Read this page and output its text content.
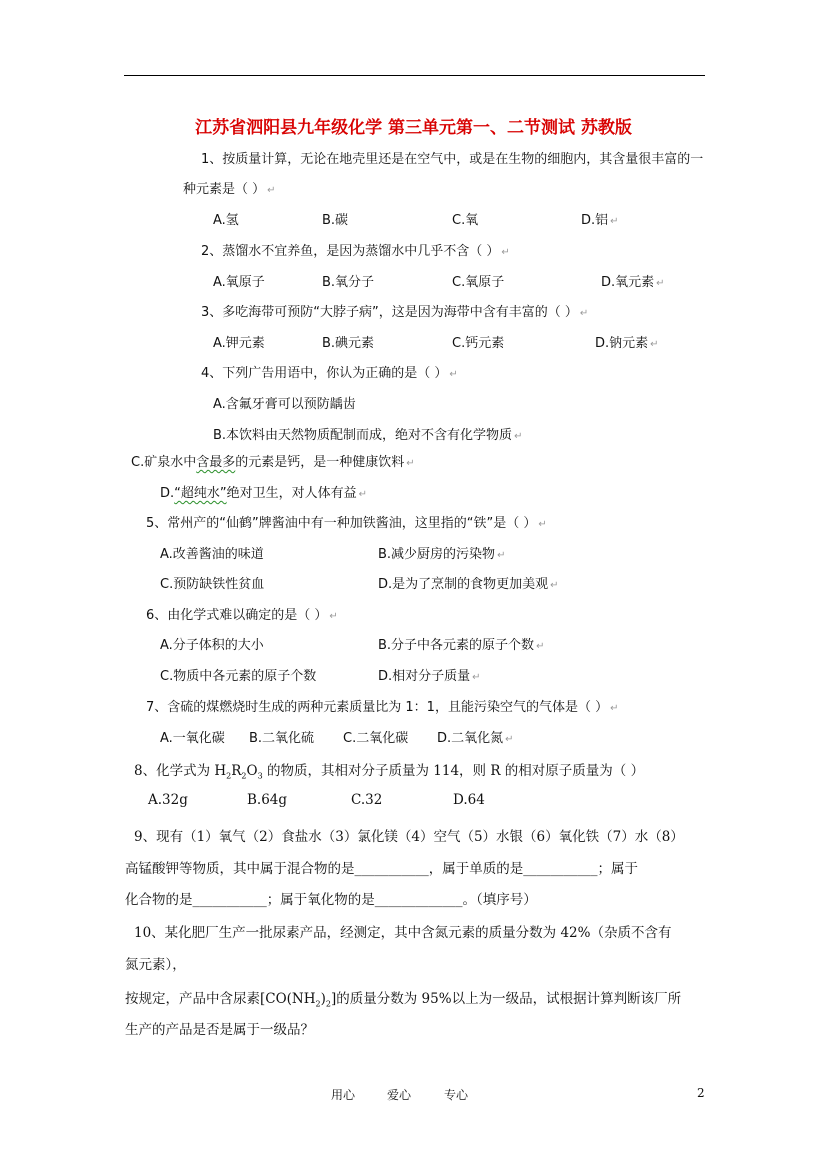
江苏省泗阳县九年级化学 第三单元第一、二节测试 苏教版
1、按质量计算，无论在地壳里还是在空气中，或是在生物的细胞内，其含量很丰富的一
种元素是（ ） ↵
A.氢	B.碳	C.氧	D.铝 ↵
2、蒸馏水不宜养鱼，是因为蒸馏水中几乎不含（ ） ↵
A.氧原子	B.氧分子	C.氧原子	D.氧元素 ↵
3、多吃海带可预防“大脖子病”，这是因为海带中含有丰富的（ ） ↵
A.钾元素	B.碘元素	C.钙元素	D.钠元素 ↵
4、下列广告用语中，你认为正确的是（ ） ↵
A.含氟牙膏可以预防龋齿
B.本饮料由天然物质配制而成，绝对不含有化学物质 ↵
C.矿泉水中含最多的元素是钙，是一种健康饮料 ↵
D.“超纯水”绝对卫生，对人体有益 ↵
5、常州产的“仙鹤”牌酱油中有一种加铁酱油，这里指的“铁”是（ ） ↵
A.改善酱油的味道	B.减少厨房的污染物 ↵
C.预防缺铁性贫血	D.是为了烹制的食物更加美观 ↵
6、由化学式难以确定的是（ ） ↵
A.分子体积的大小	B.分子中各元素的原子个数 ↵
C.物质中各元素的原子个数	D.相对分子质量 ↵
7、含硫的煤燃烧时生成的两种元素质量比为 1：1，且能污染空气的气体是（ ） ↵
A.一氧化碳 B.二氧化硫 C.二氧化碳 D.二氧化氮 ↵
8、化学式为 $H_2R_2O_3$ 的物质，其相对分子质量为 114，则 R 的相对原子质量为（ ）
A.32g	B.64g	C.32	D.64
9、现有（1）氧气（2）食盐水（3）氯化镁（4）空气（5）水银（6）氧化铁（7）水（8）
高锰酸钾等物质，其中属于混合物的是___________，属于单质的是___________；属于
化合物的是___________；属于氧化物的是_____________。（填序号）
10、某化肥厂生产一批尿素产品，经测定，其中含氮元素的质量分数为 42%（杂质不含有
氮元素），
按规定，产品中含尿素$[CO(NH_2)_2]$的质量分数为 95%以上为一级品，试根据计算判断该厂所
生产的产品是否是属于一级品？
用心	爱心	专心	2
